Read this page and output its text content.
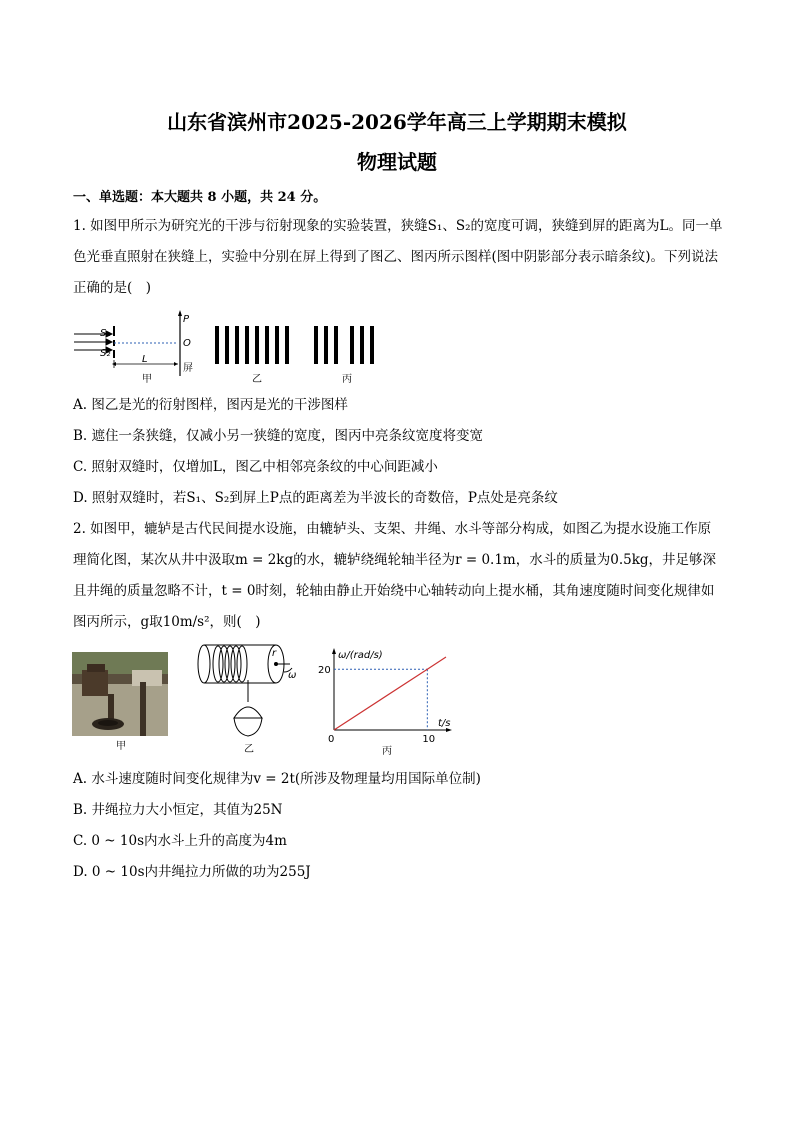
山东省滨州市2025-2026学年高三上学期期末模拟
物理试题
一、单选题：本大题共 8 小题，共 24 分。
1. 如图甲所示为研究光的干涉与衍射现象的实验装置，狭缝S₁、S₂的宽度可调，狭缝到屏的距离为L。同一单色光垂直照射在狭缝上，实验中分别在屏上得到了图乙、图丙所示图样(图中阴影部分表示暗条纹)。下列说法正确的是(　)
S₁
S₂
P
O
屏
L
甲	乙	丙
A. 图乙是光的衍射图样，图丙是光的干涉图样
B. 遮住一条狭缝，仅减小另一狭缝的宽度，图丙中亮条纹宽度将变宽
C. 照射双缝时，仅增加L，图乙中相邻亮条纹的中心间距减小
D. 照射双缝时，若S₁、S₂到屏上P点的距离差为半波长的奇数倍，P点处是亮条纹
2. 如图甲，辘轳是古代民间提水设施，由辘轳头、支架、井绳、水斗等部分构成，如图乙为提水设施工作原理简化图，某次从井中汲取m = 2kg的水，辘轳绕绳轮轴半径为r = 0.1m，水斗的质量为0.5kg，井足够深且井绳的质量忽略不计，t = 0时刻，轮轴由静止开始绕中心轴转动向上提水桶，其角速度随时间变化规律如图丙所示，g取10m/s²，则(　)
甲
r
ω
乙
ω/(rad/s)
t/s
0	10
20
丙
A. 水斗速度随时间变化规律为v = 2t(所涉及物理量均用国际单位制)
B. 井绳拉力大小恒定，其值为25N
C. 0 ~ 10s内水斗上升的高度为4m
D. 0 ~ 10s内井绳拉力所做的功为255J
